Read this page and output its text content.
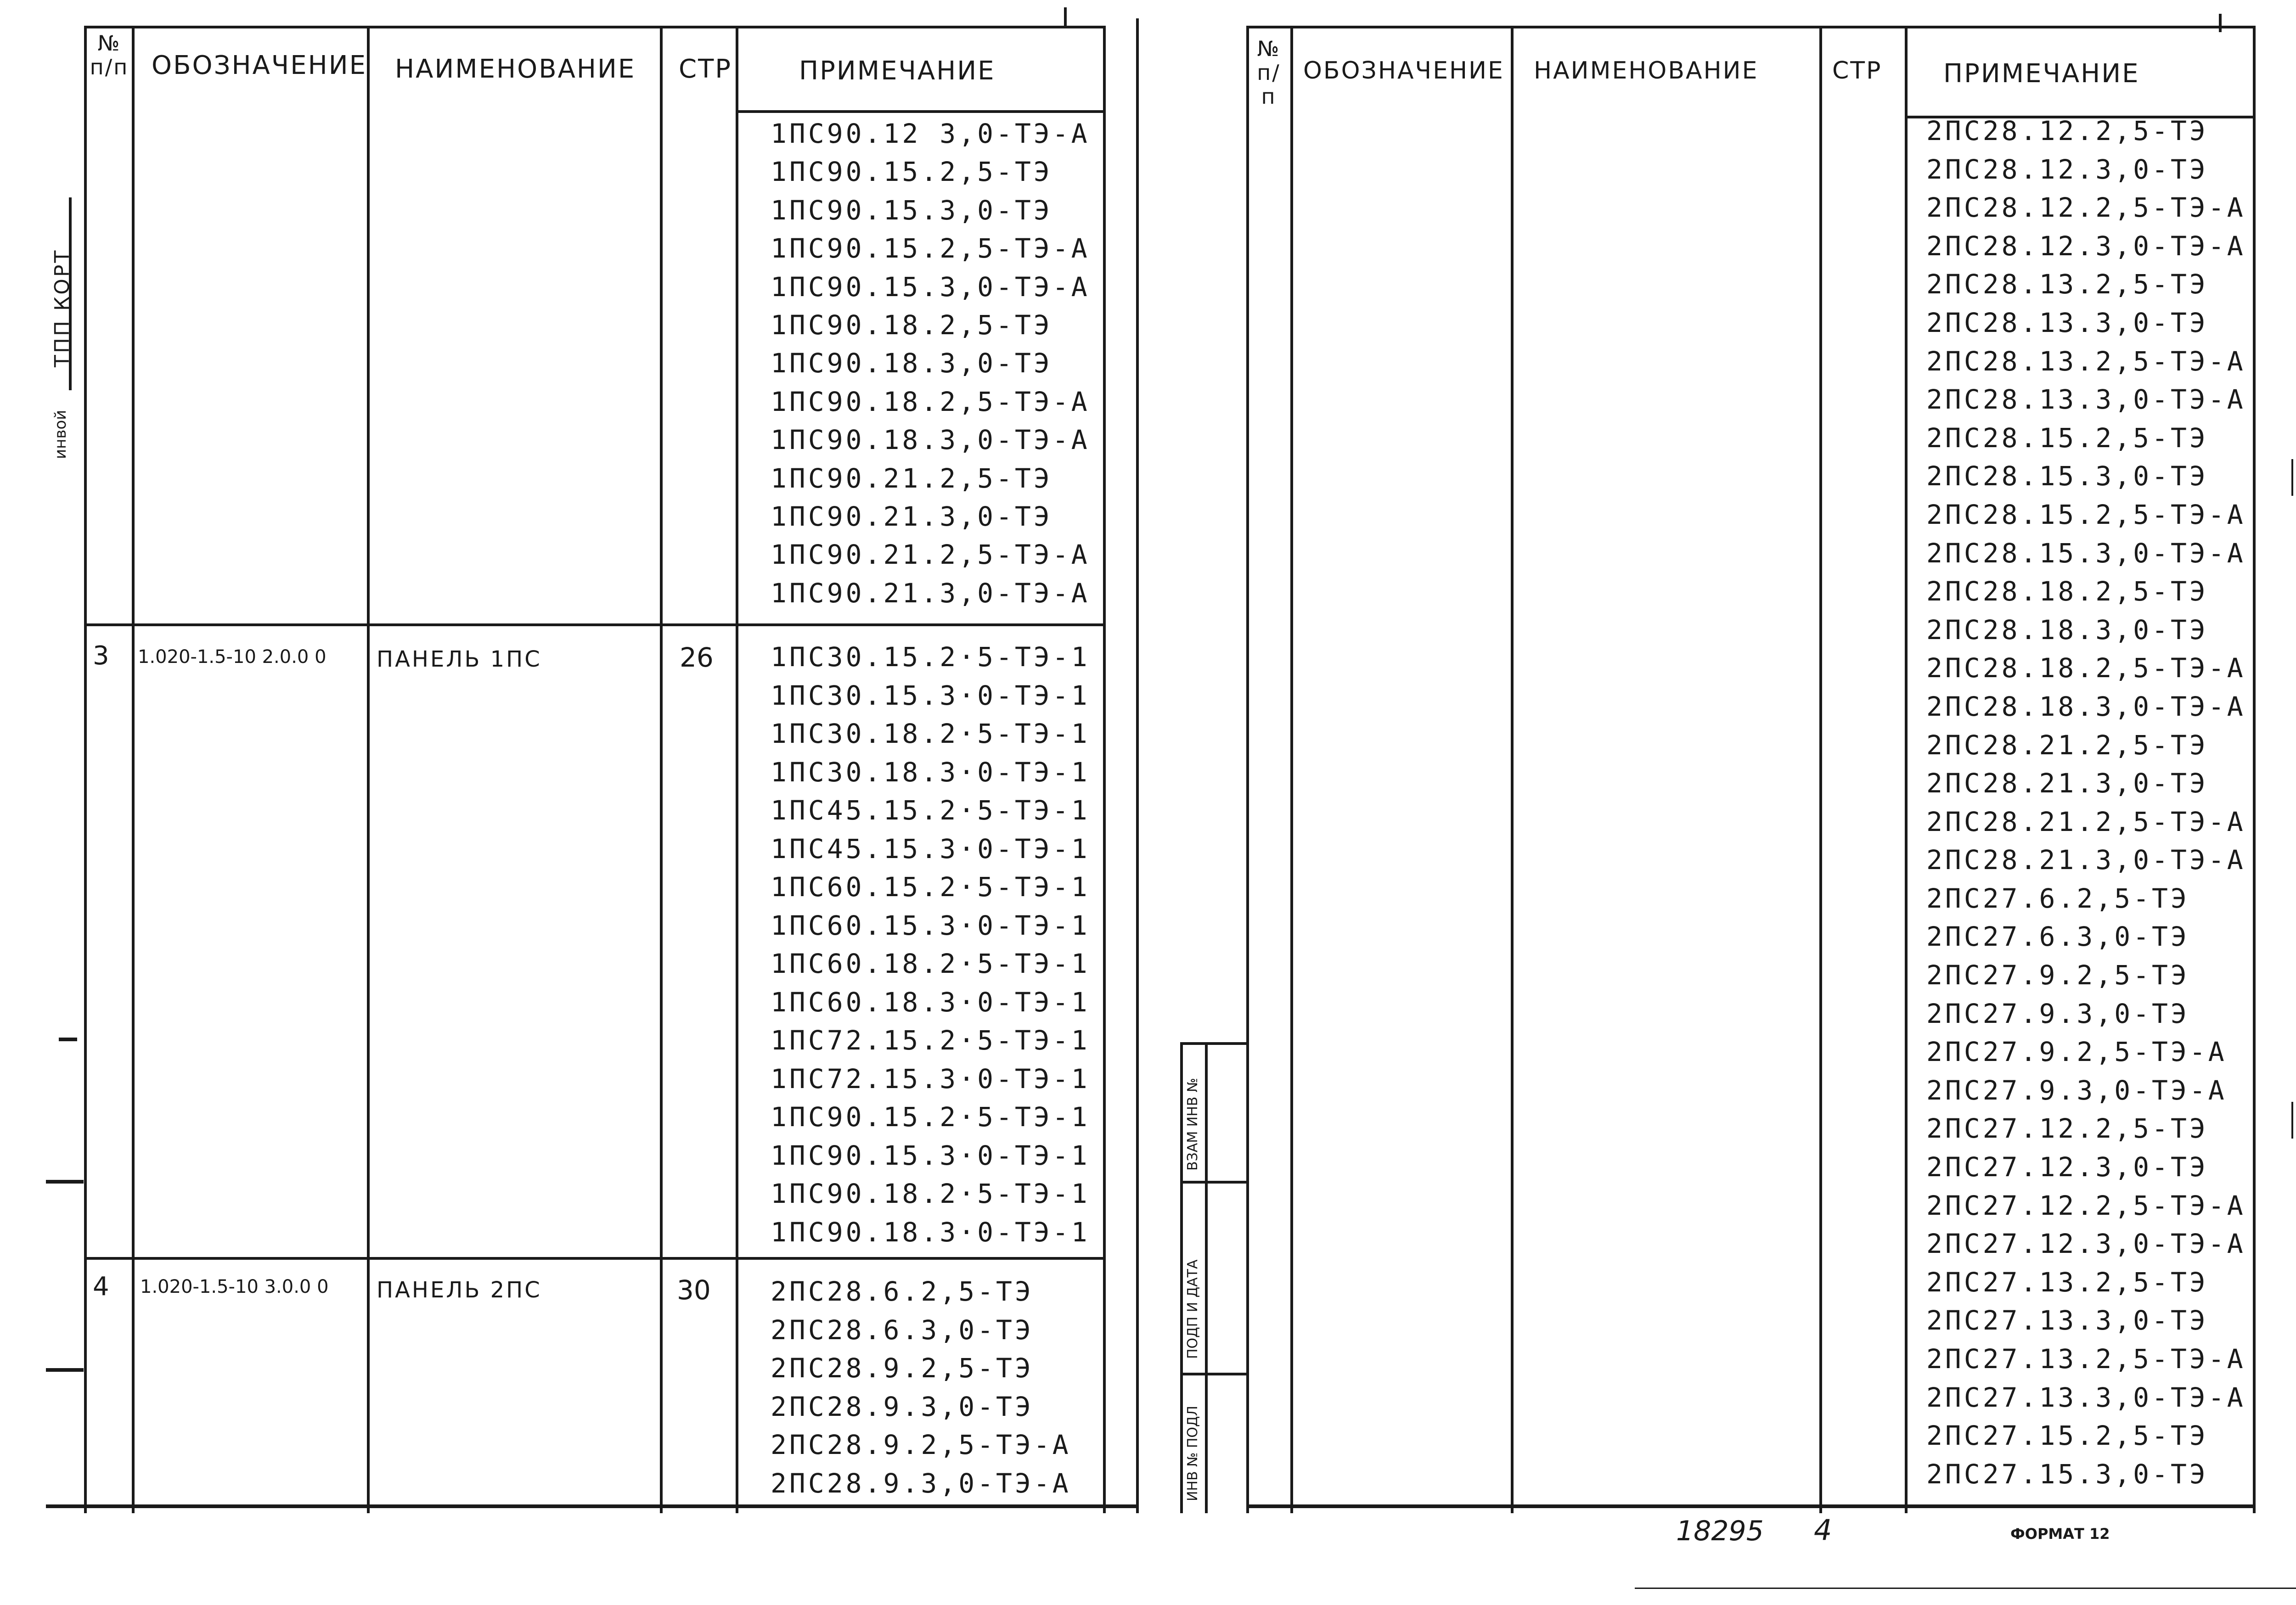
№ п/п ОБОЗНАЧЕНИЕ НАИМЕНОВАНИЕ СТР	ПРИМЕЧАНИЕ
1ПС90.12 3,0-ТЭ-А
1ПС90.15.2,5-ТЭ
1ПС90.15.3,0-ТЭ
1ПС90.15.2,5-ТЭ-А
1ПС90.15.3,0-ТЭ-А
1ПС90.18.2,5-ТЭ
1ПС90.18.3,0-ТЭ
1ПС90.18.2,5-ТЭ-А
1ПС90.18.3,0-ТЭ-А
1ПС90.21.2,5-ТЭ
1ПС90.21.3,0-ТЭ
1ПС90.21.2,5-ТЭ-А
1ПС90.21.3,0-ТЭ-А
3 1.020-1.5-10 2.0.0 0 ПАНЕЛЬ 1ПС	26 1ПС30.15.2·5-ТЭ-1
1ПС30.15.3·0-ТЭ-1
1ПС30.18.2·5-ТЭ-1
1ПС30.18.3·0-ТЭ-1
1ПС45.15.2·5-ТЭ-1
1ПС45.15.3·0-ТЭ-1
1ПС60.15.2·5-ТЭ-1
1ПС60.15.3·0-ТЭ-1
1ПС60.18.2·5-ТЭ-1
1ПС60.18.3·0-ТЭ-1
1ПС72.15.2·5-ТЭ-1
1ПС72.15.3·0-ТЭ-1
1ПС90.15.2·5-ТЭ-1
1ПС90.15.3·0-ТЭ-1
1ПС90.18.2·5-ТЭ-1
1ПС90.18.3·0-ТЭ-1
4 1.020-1.5-10 3.0.0 0 ПАНЕЛЬ 2ПС	30 2ПС28.6.2,5-ТЭ
2ПС28.6.3,0-ТЭ
2ПС28.9.2,5-ТЭ
2ПС28.9.3,0-ТЭ
2ПС28.9.2,5-ТЭ-А
2ПС28.9.3,0-ТЭ-А
ВЗАМ ИНВ №
ПОДП И ДАТА
ИНВ № ПОДЛ
№ п/п
ОБОЗНАЧЕНИЕ НАИМЕНОВАНИЕ	СТР ПРИМЕЧАНИЕ
2ПС28.12.2,5-ТЭ
2ПС28.12.3,0-ТЭ
2ПС28.12.2,5-ТЭ-А
2ПС28.12.3,0-ТЭ-А
2ПС28.13.2,5-ТЭ
2ПС28.13.3,0-ТЭ
2ПС28.13.2,5-ТЭ-А
2ПС28.13.3,0-ТЭ-А
2ПС28.15.2,5-ТЭ
2ПС28.15.3,0-ТЭ
2ПС28.15.2,5-ТЭ-А
2ПС28.15.3,0-ТЭ-А
2ПС28.18.2,5-ТЭ
2ПС28.18.3,0-ТЭ
2ПС28.18.2,5-ТЭ-А
2ПС28.18.3,0-ТЭ-А
2ПС28.21.2,5-ТЭ
2ПС28.21.3,0-ТЭ
2ПС28.21.2,5-ТЭ-А
2ПС28.21.3,0-ТЭ-А
2ПС27.6.2,5-ТЭ
2ПС27.6.3,0-ТЭ
2ПС27.9.2,5-ТЭ
2ПС27.9.3,0-ТЭ
2ПС27.9.2,5-ТЭ-А
2ПС27.9.3,0-ТЭ-А
2ПС27.12.2,5-ТЭ
2ПС27.12.3,0-ТЭ
2ПС27.12.2,5-ТЭ-А
2ПС27.12.3,0-ТЭ-А
2ПС27.13.2,5-ТЭ
2ПС27.13.3,0-ТЭ
2ПС27.13.2,5-ТЭ-А
2ПС27.13.3,0-ТЭ-А
2ПС27.15.2,5-ТЭ
2ПС27.15.3,0-ТЭ
ТПП КОРТ
инвой
18295 4	ФОРМАТ 12
